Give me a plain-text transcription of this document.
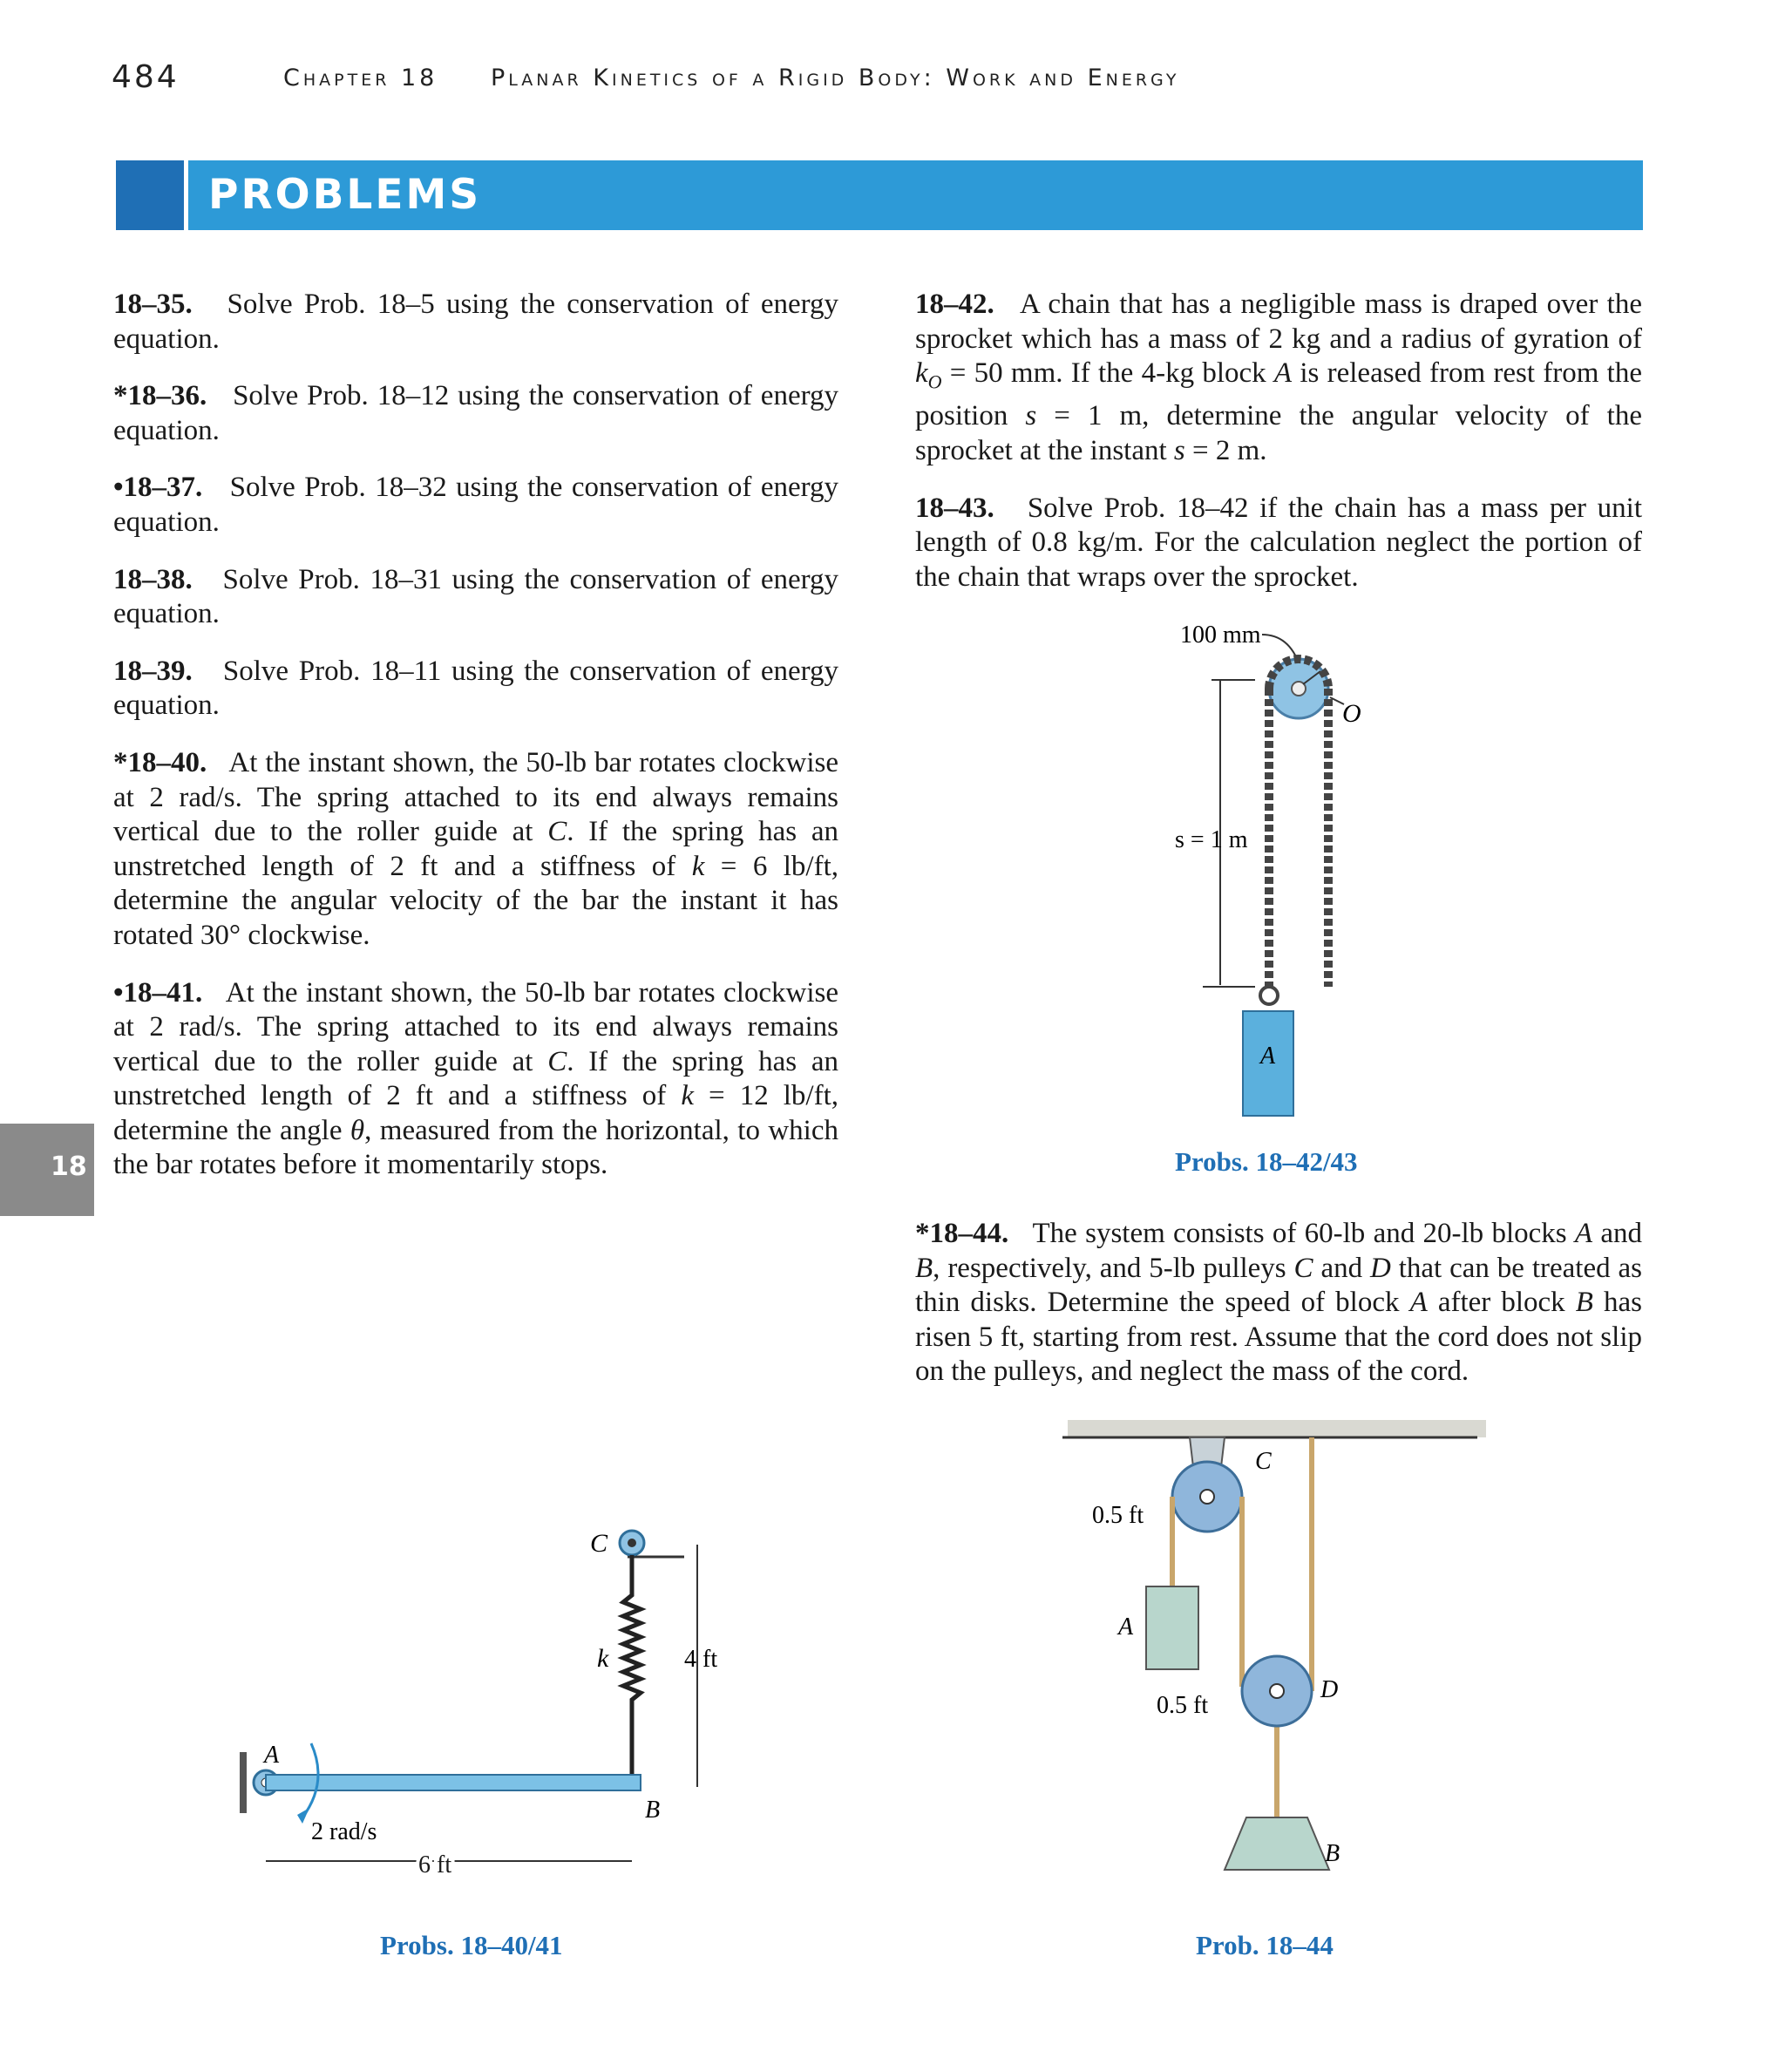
484	Chapter 18 Planar Kinetics of a Rigid Body: Work and Energy
PROBLEMS
18

18–35. Solve Prob. 18–5 using the conservation of energy equation.

*18–36. Solve Prob. 18–12 using the conservation of energy equation.

•18–37. Solve Prob. 18–32 using the conservation of energy equation.

18–38. Solve Prob. 18–31 using the conservation of energy equation.

18–39. Solve Prob. 18–11 using the conservation of energy equation.

*18–40. At the instant shown, the 50-lb bar rotates clockwise at 2 rad/s. The spring attached to its end always remains vertical due to the roller guide at C. If the spring has an unstretched length of 2 ft and a stiffness of k = 6 lb/ft, determine the angular velocity of the bar the instant it has rotated 30° clockwise.

•18–41. At the instant shown, the 50-lb bar rotates clockwise at 2 rad/s. The spring attached to its end always remains vertical due to the roller guide at C. If the spring has an unstretched length of 2 ft and a stiffness of k = 12 lb/ft, determine the angle θ, measured from the horizontal, to which the bar rotates before it momentarily stops.

18–42. A chain that has a negligible mass is draped over the sprocket which has a mass of 2 kg and a radius of gyration of $k_O = 50$ mm. If the 4-kg block A is released from rest from the position s = 1 m, determine the angular velocity of the sprocket at the instant s = 2 m.

18–43. Solve Prob. 18–42 if the chain has a mass per unit length of 0.8 kg/m. For the calculation neglect the portion of the chain that wraps over the sprocket.

*18–44. The system consists of 60-lb and 20-lb blocks A and B, respectively, and 5-lb pulleys C and D that can be treated as thin disks. Determine the speed of block A after block B has risen 5 ft, starting from rest. Assume that the cord does not slip on the pulleys, and neglect the mass of the cord.

100 mm
O
s = 1 m
A
Probs. 18–42/43
C
k	4 ft
A
B
2 rad/s
6 ft
Probs. 18–40/41
C
0.5 ft
A
D
0.5 ft
B
Prob. 18–44
